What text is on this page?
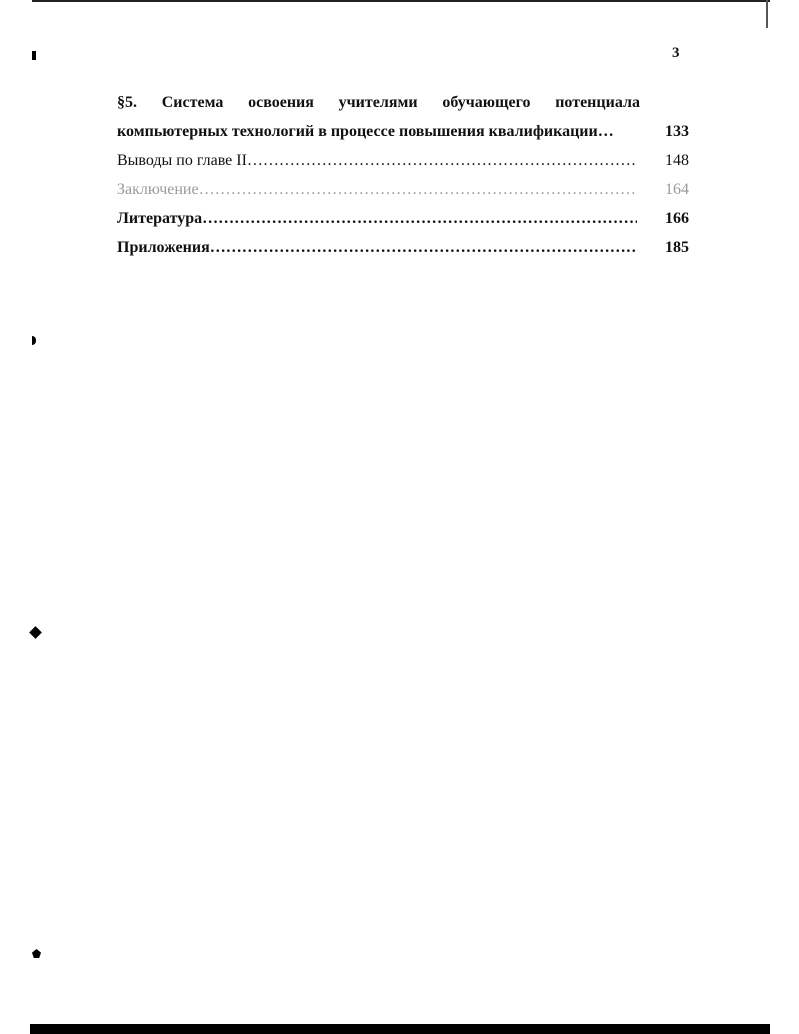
3
§5. Система освоения учителями обучающего потенциала
компьютерных технологий в процессе повышения квалификации …	133
Выводы по главе II …………………………………………………………………………………………………………	148
Заключение …………………………………………………………………………………………………………	164
Литература …………………………………………………………………………………………………………	166
Приложения …………………………………………………………………………………………………………	185
